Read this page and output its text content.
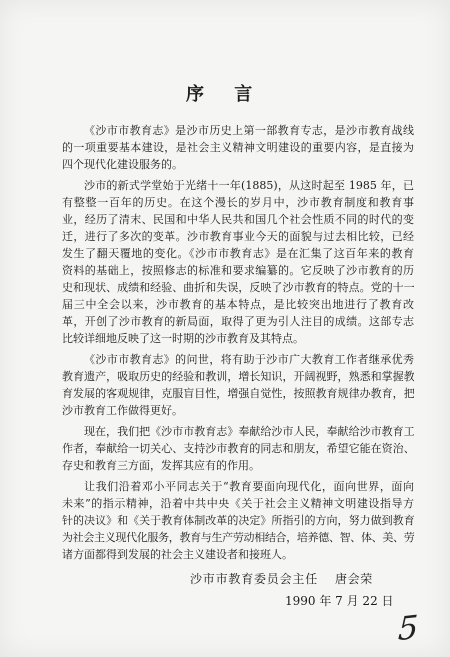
序 言
《沙市市教育志》是沙市历史上第一部教育专志，是沙市教育战线
的一项重要基本建设，是社会主义精神文明建设的重要内容，是直接为
四个现代化建设服务的。
沙市的新式学堂始于光绪十一年(1885)，从这时起至 1985 年，已
有整整一百年的历史。在这个漫长的岁月中，沙市教育制度和教育事
业，经历了清末、民国和中华人民共和国几个社会性质不同的时代的变
迁，进行了多次的变革。沙市教育事业今天的面貌与过去相比较，已经
发生了翻天覆地的变化。《沙市市教育志》是在汇集了这百年来的教育
资料的基础上，按照修志的标准和要求编纂的。它反映了沙市教育的历
史和现状、成绩和经验、曲折和失误，反映了沙市教育的特点。党的十一
届三中全会以来，沙市教育的基本特点，是比较突出地进行了教育改
革，开创了沙市教育的新局面，取得了更为引人注目的成绩。这部专志
比较详细地反映了这一时期的沙市教育及其特点。
《沙市市教育志》的问世，将有助于沙市广大教育工作者继承优秀
教育遗产，吸取历史的经验和教训，增长知识，开阔视野，熟悉和掌握教
育发展的客观规律，克服盲目性，增强自觉性，按照教育规律办教育，把
沙市教育工作做得更好。
现在，我们把《沙市市教育志》奉献给沙市人民，奉献给沙市教育工
作者，奉献给一切关心、支持沙市教育的同志和朋友，希望它能在资治、
存史和教育三方面，发挥其应有的作用。
让我们沿着邓小平同志关于“教育要面向现代化，面向世界，面向
未来”的指示精神，沿着中共中央《关于社会主义精神文明建设指导方
针的决议》和《关于教育体制改革的决定》所指引的方向，努力做到教育
为社会主义现代化服务，教育与生产劳动相结合，培养德、智、体、美、劳
诸方面都得到发展的社会主义建设者和接班人。
沙市市教育委员会主任 唐会荣
1990 年 7 月 22 日
5
